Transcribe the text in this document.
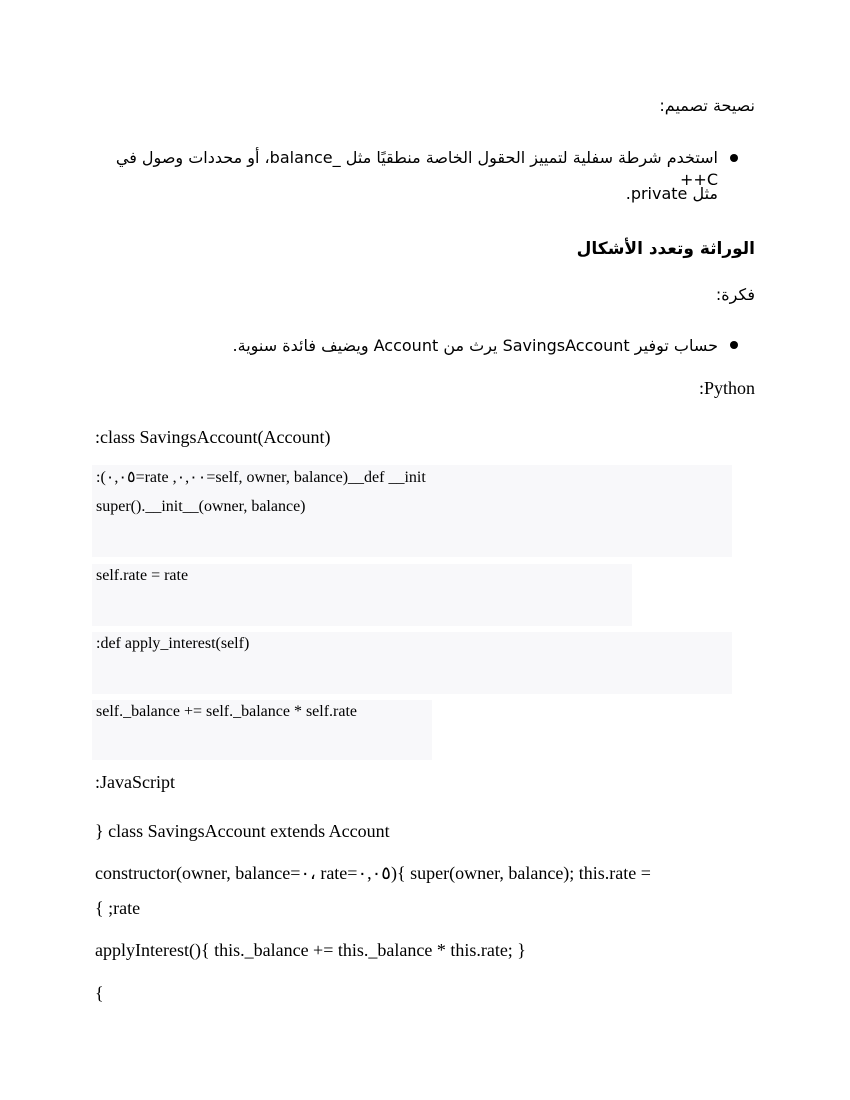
نصيحة تصميم:
استخدم شرطة سفلية لتمييز الحقول الخاصة منطقيًا مثل _balance، أو محددات وصول في C++
مثل private.
الوراثة وتعدد الأشكال
فكرة:
حساب توفير SavingsAccount يرث من Account ويضيف فائدة سنوية.
Python:
class SavingsAccount(Account):
def __init__(self, owner, balance=٠,٠٠, rate=٠,٠٥):
super().__init__(owner, balance)
self.rate = rate
def apply_interest(self):
self._balance += self._balance * self.rate
JavaScript:
} class SavingsAccount extends Account
constructor(owner, balance=٠، rate=٠,٠٥){ super(owner, balance); this.rate =
{ ;rate
applyInterest(){ this._balance += this._balance * this.rate; }
{
